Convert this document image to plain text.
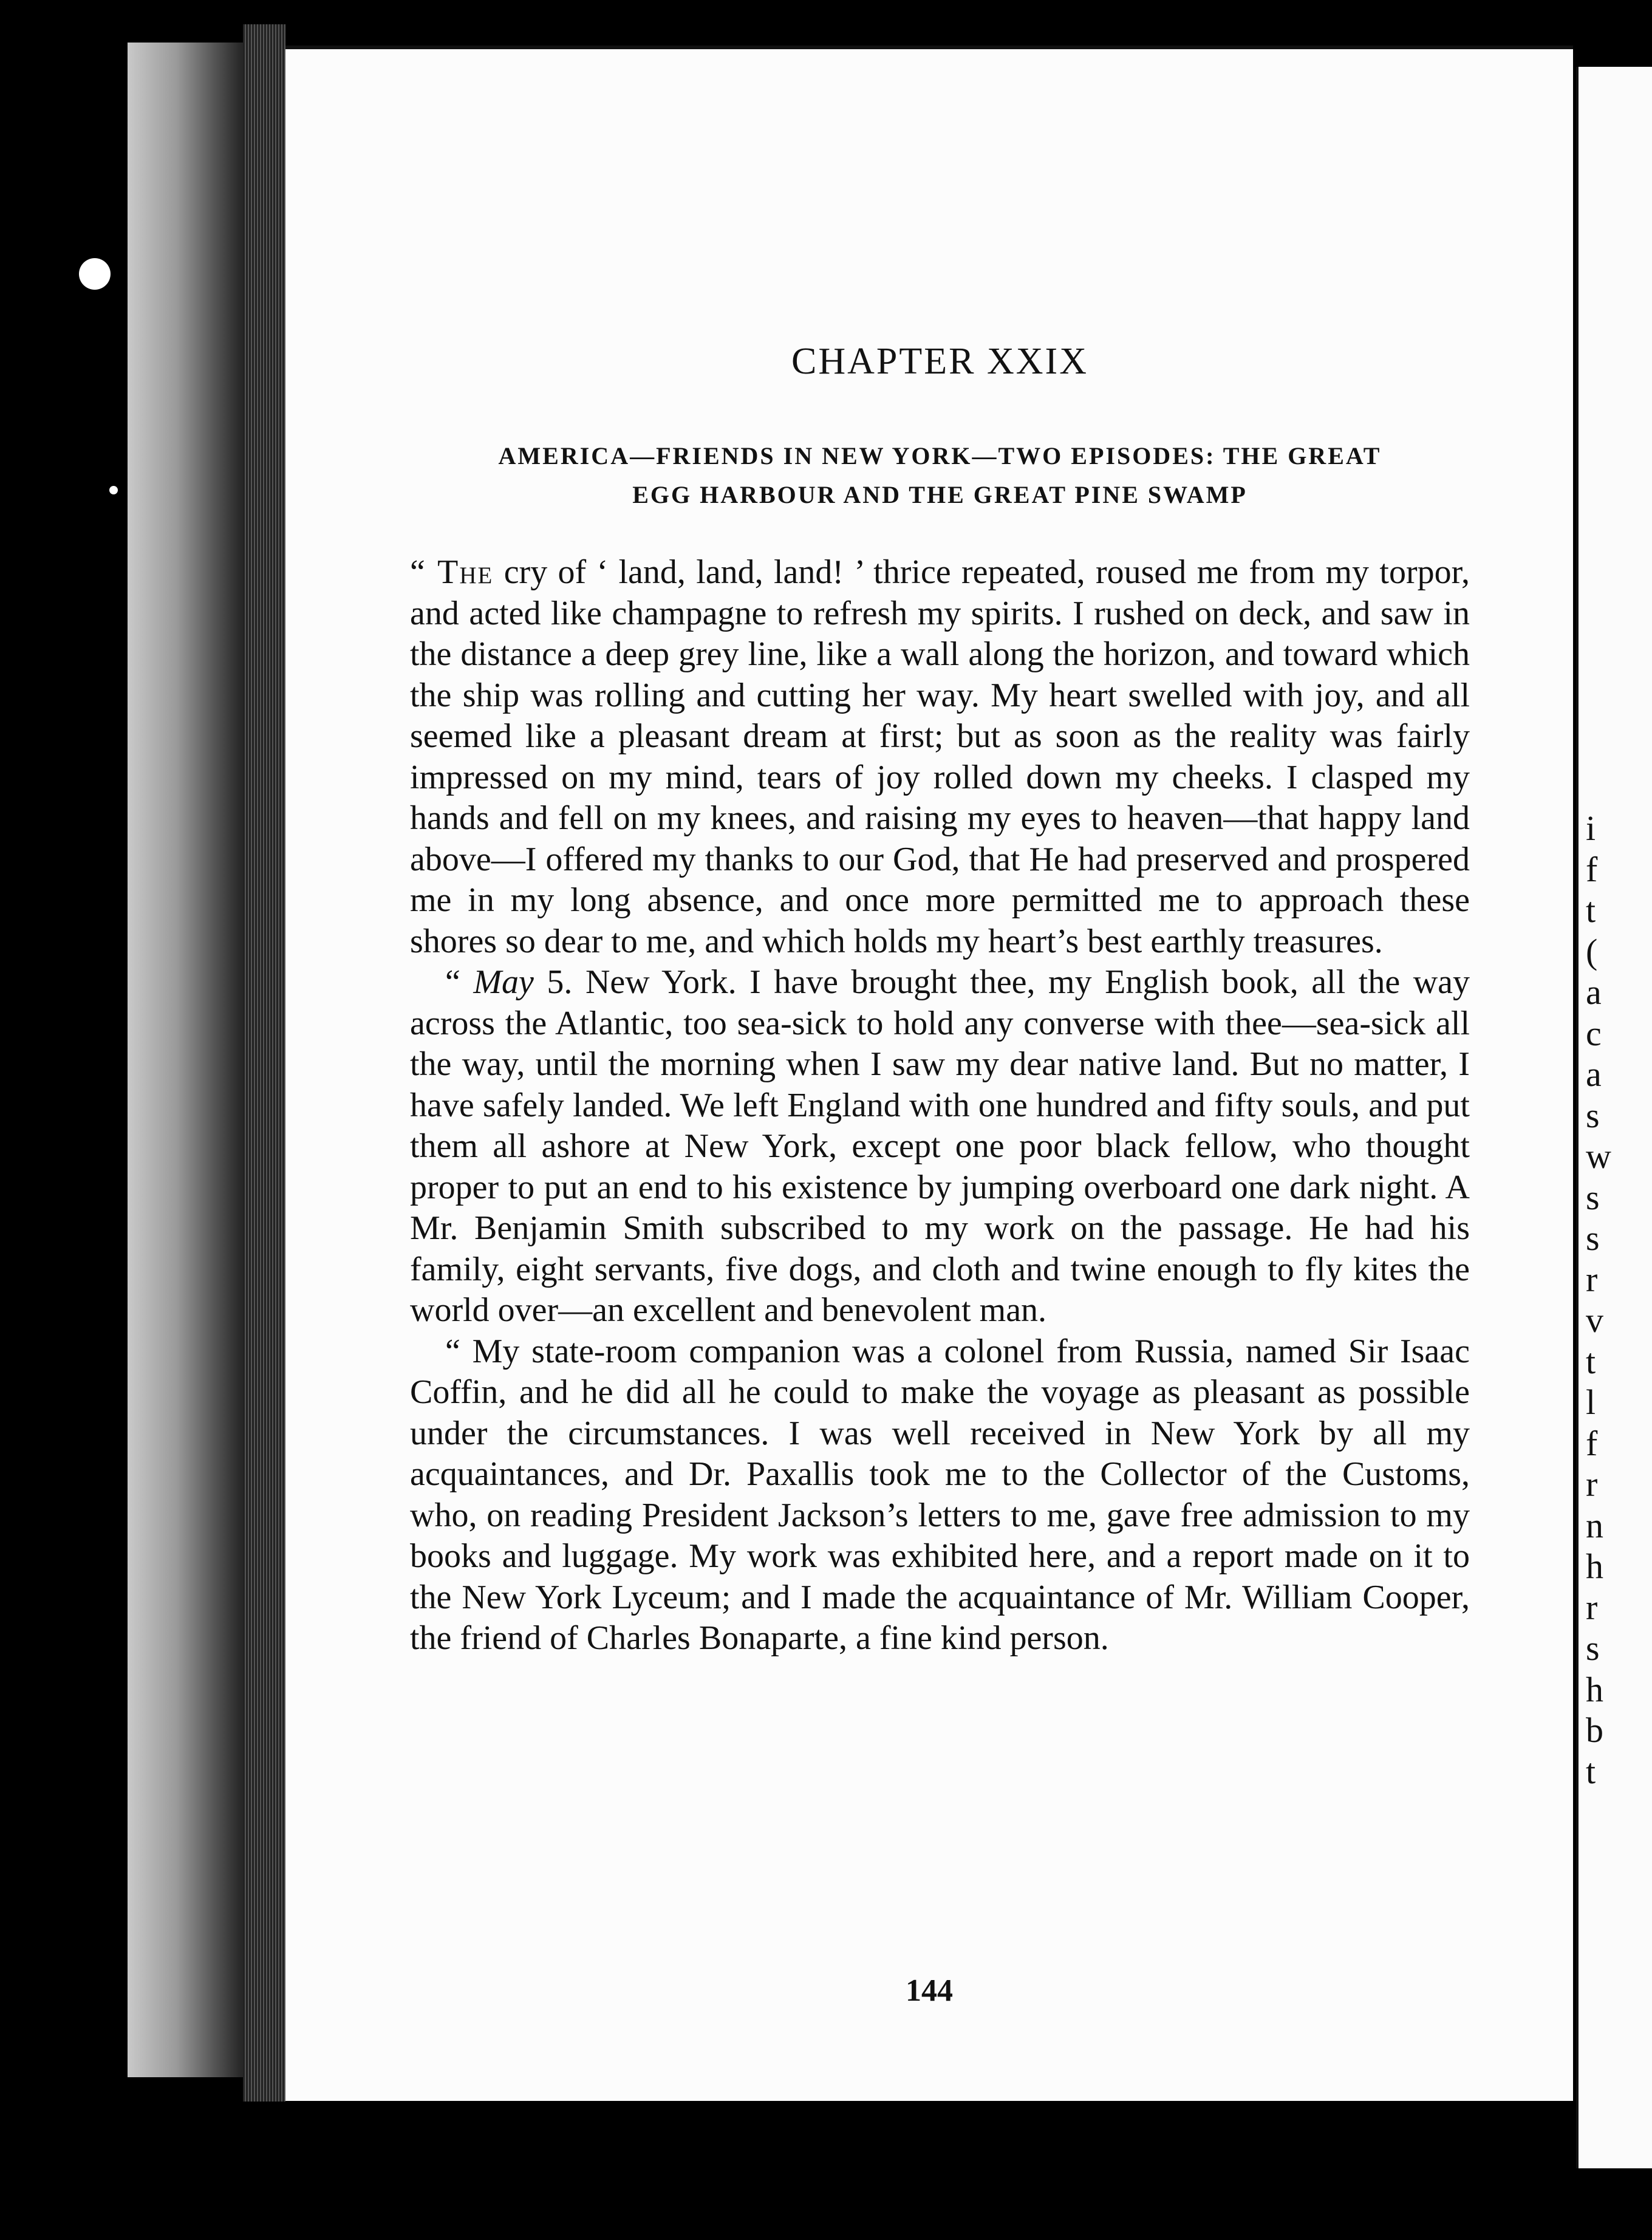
i
f
t
(
a
c
a
s
w
s
s
r
v
t
l
f
r
n
h
r
s
h
b
t
CHAPTER XXIX
AMERICA—FRIENDS IN NEW YORK—TWO EPISODES: THE GREAT
EGG HARBOUR AND THE GREAT PINE SWAMP

“ The cry of ‘ land, land, land! ’ thrice repeated, roused me from my torpor, and acted like champagne to refresh my spirits. I rushed on deck, and saw in the distance a deep grey line, like a wall along the horizon, and toward which the ship was rolling and cutting her way. My heart swelled with joy, and all seemed like a pleasant dream at first; but as soon as the reality was fairly impressed on my mind, tears of joy rolled down my cheeks. I clasped my hands and fell on my knees, and raising my eyes to heaven—that happy land above—I offered my thanks to our God, that He had preserved and prospered me in my long absence, and once more permitted me to approach these shores so dear to me, and which holds my heart’s best earthly treasures.

“ May 5. New York. I have brought thee, my English book, all the way across the Atlantic, too sea-sick to hold any converse with thee—sea-sick all the way, until the morning when I saw my dear native land. But no matter, I have safely landed. We left England with one hundred and fifty souls, and put them all ashore at New York, except one poor black fellow, who thought proper to put an end to his existence by jumping overboard one dark night. A Mr. Benjamin Smith subscribed to my work on the passage. He had his family, eight servants, five dogs, and cloth and twine enough to fly kites the world over—an excellent and benevolent man.

“ My state-room companion was a colonel from Russia, named Sir Isaac Coffin, and he did all he could to make the voyage as pleasant as possible under the circumstances. I was well received in New York by all my acquaintances, and Dr. Paxallis took me to the Collector of the Customs, who, on reading President Jackson’s letters to me, gave free admission to my books and luggage. My work was exhibited here, and a report made on it to the New York Lyceum; and I made the acquaintance of Mr. William Cooper, the friend of Charles Bonaparte, a fine kind person.

144
